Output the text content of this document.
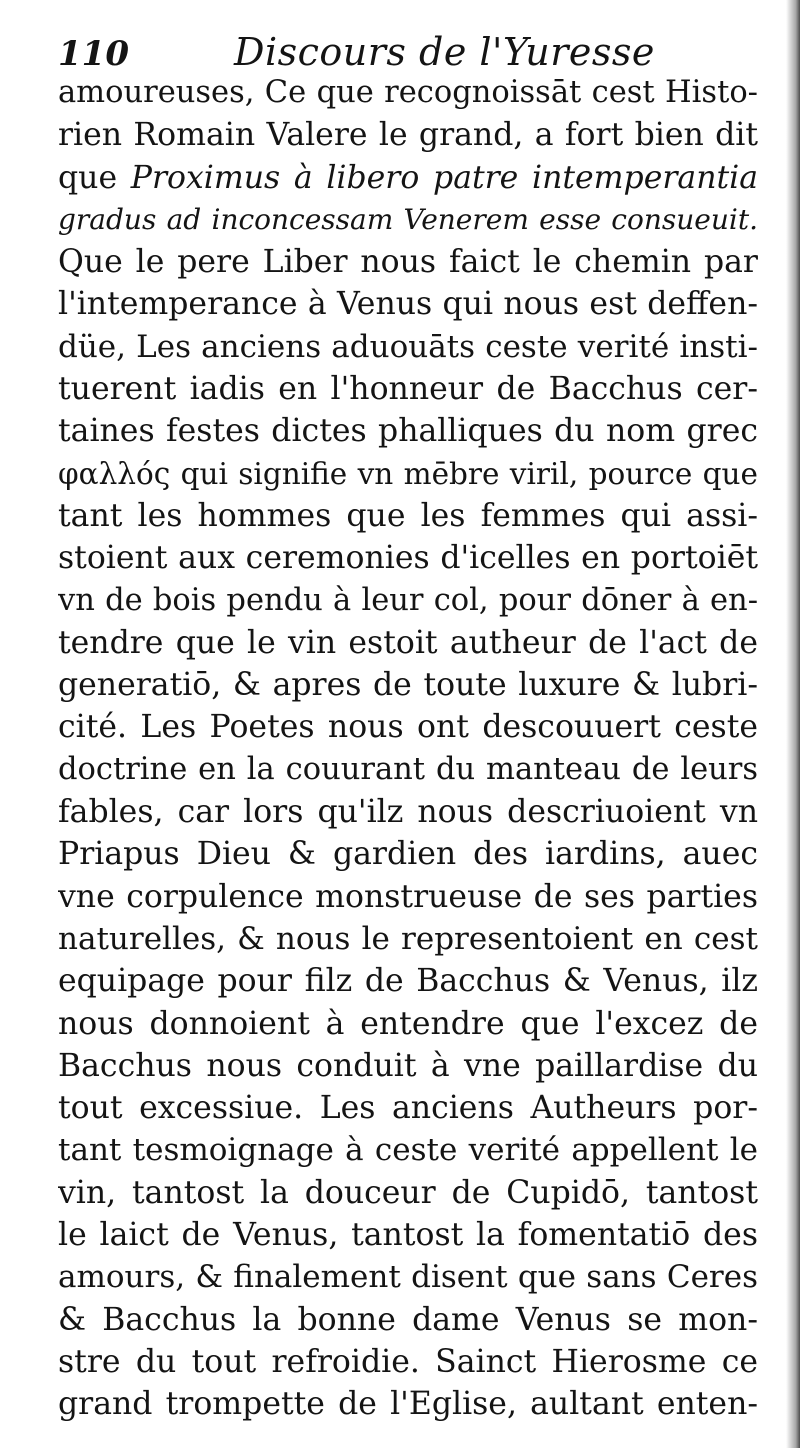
110	Discours de l'Yuresse
amoureuses, Ce que recognoissāt cest Histo-
rien Romain Valere le grand, a fort bien dit
que Proximus à libero patre intemperantia
gradus ad inconcessam Venerem esse consueuit.
Que le pere Liber nous faict le chemin par
l'intemperance à Venus qui nous est deffen-
düe, Les anciens aduouāts ceste verité insti-
tuerent iadis en l'honneur de Bacchus cer-
taines festes dictes phalliques du nom grec
φαλλός qui signifie vn mēbre viril, pource que
tant les hommes que les femmes qui assi-
stoient aux ceremonies d'icelles en portoiēt
vn de bois pendu à leur col, pour dōner à en-
tendre que le vin estoit autheur de l'act de
generatiō, & apres de toute luxure & lubri-
cité. Les Poetes nous ont descouuert ceste
doctrine en la couurant du manteau de leurs
fables, car lors qu'ilz nous descriuoient vn
Priapus Dieu & gardien des iardins, auec
vne corpulence monstrueuse de ses parties
naturelles, & nous le representoient en cest
equipage pour filz de Bacchus & Venus, ilz
nous donnoient à entendre que l'excez de
Bacchus nous conduit à vne paillardise du
tout excessiue. Les anciens Autheurs por-
tant tesmoignage à ceste verité appellent le
vin, tantost la douceur de Cupidō, tantost
le laict de Venus, tantost la fomentatiō des
amours, & finalement disent que sans Ceres
& Bacchus la bonne dame Venus se mon-
stre du tout refroidie. Sainct Hierosme ce
grand trompette de l'Eglise, aultant enten-
